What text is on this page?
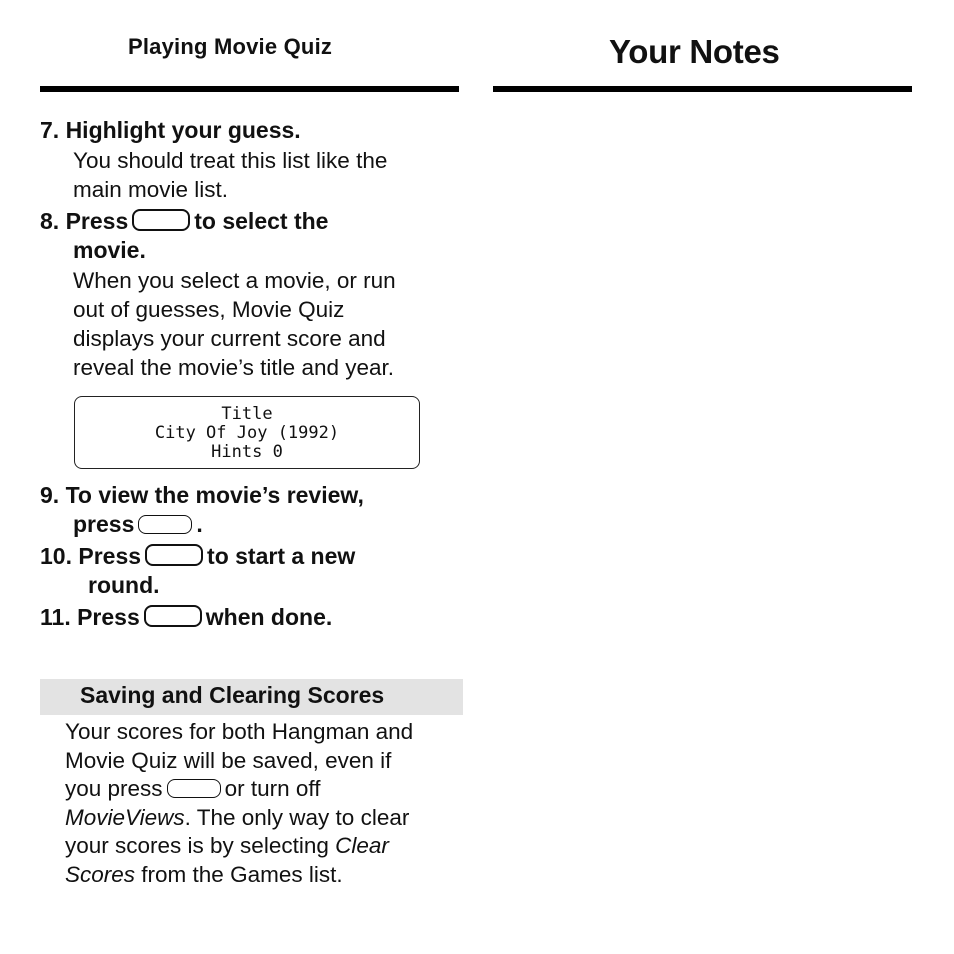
Playing Movie Quiz	Your Notes
7. Highlight your guess.
You should treat this list like the
main movie list.
8. Press	to select the
movie.
When you select a movie, or run
out of guesses, Movie Quiz
displays your current score and
reveal the movie’s title and year.
Title
City Of Joy (1992)
Hints 0
9. To view the movie’s review,
press	.
10. Press	to start a new
round.
11. Press	when done.
Saving and Clearing Scores
Your scores for both Hangman and
Movie Quiz will be saved, even if
you press	or turn off
MovieViews. The only way to clear
your scores is by selecting Clear
Scores from the Games list.
